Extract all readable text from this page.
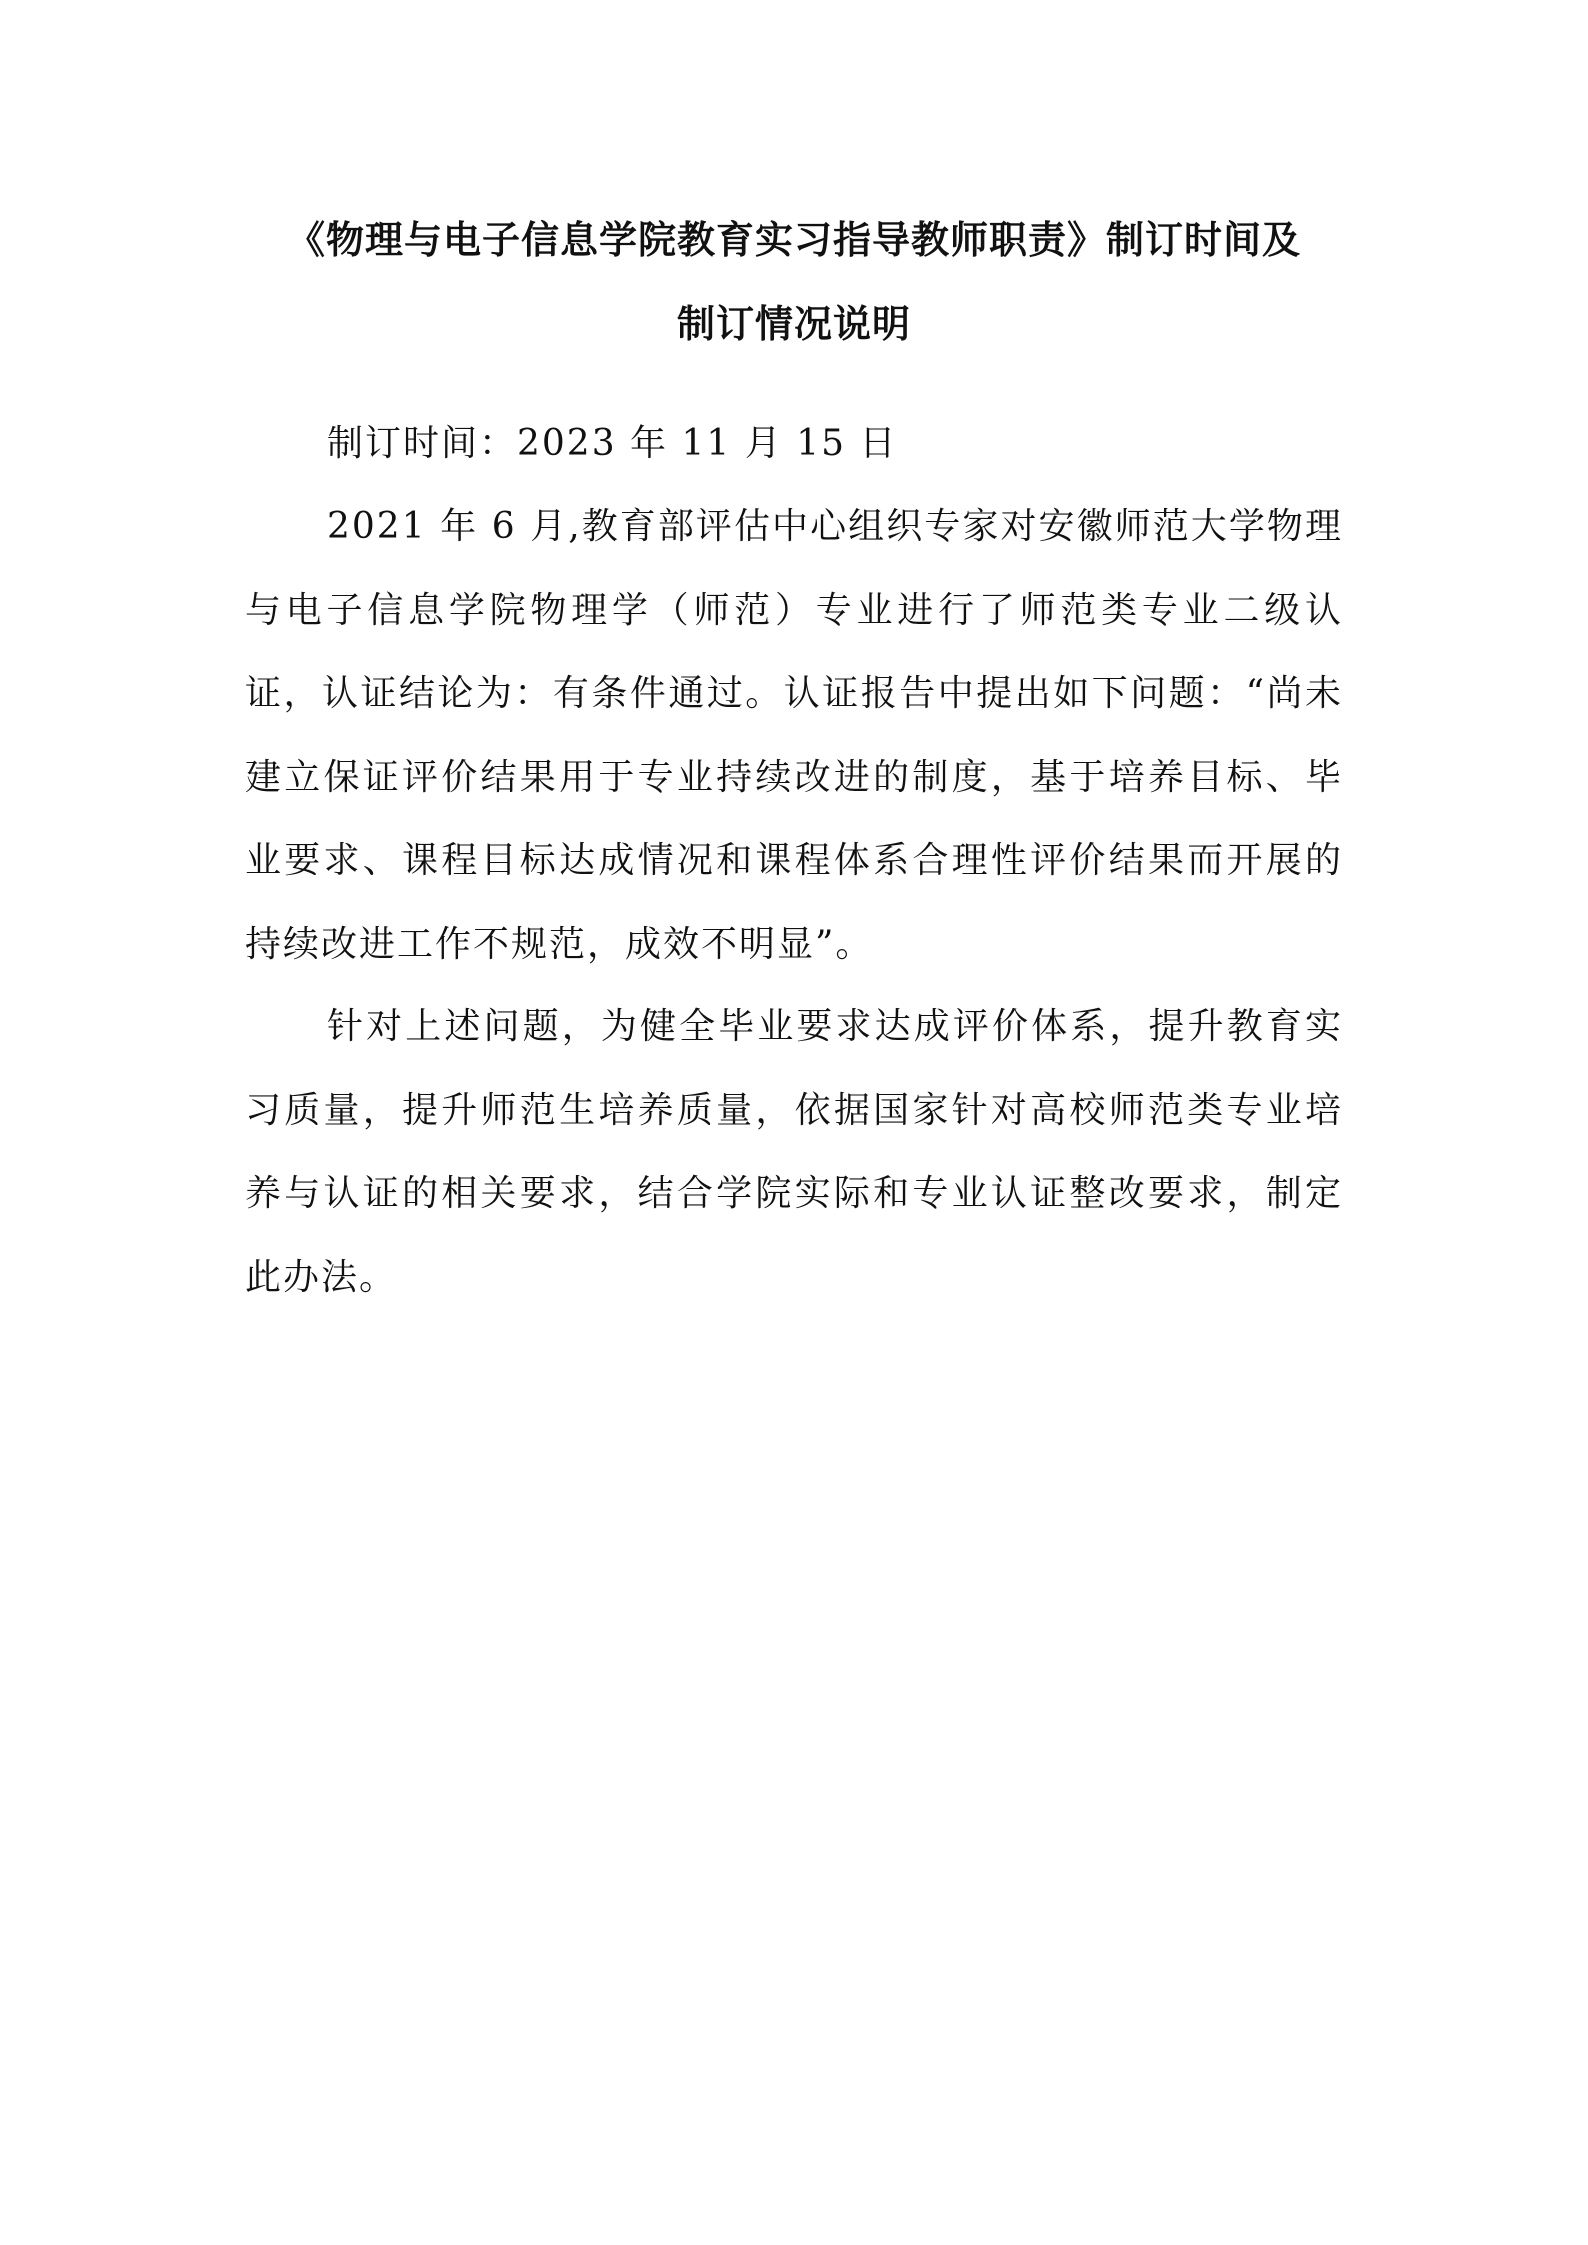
《物理与电子信息学院教育实习指导教师职责》制订时间及
制订情况说明
制订时间：2023 年 11 月 15 日
2021 年 6 月,教育部评估中心组织专家对安徽师范大学物理与电子信息学院物理学（师范）专业进行了师范类专业二级认证，认证结论为：有条件通过。认证报告中提出如下问题：“尚未建立保证评价结果用于专业持续改进的制度，基于培养目标、毕业要求、课程目标达成情况和课程体系合理性评价结果而开展的持续改进工作不规范，成效不明显”。
针对上述问题，为健全毕业要求达成评价体系，提升教育实习质量，提升师范生培养质量，依据国家针对高校师范类专业培养与认证的相关要求，结合学院实际和专业认证整改要求，制定此办法。
